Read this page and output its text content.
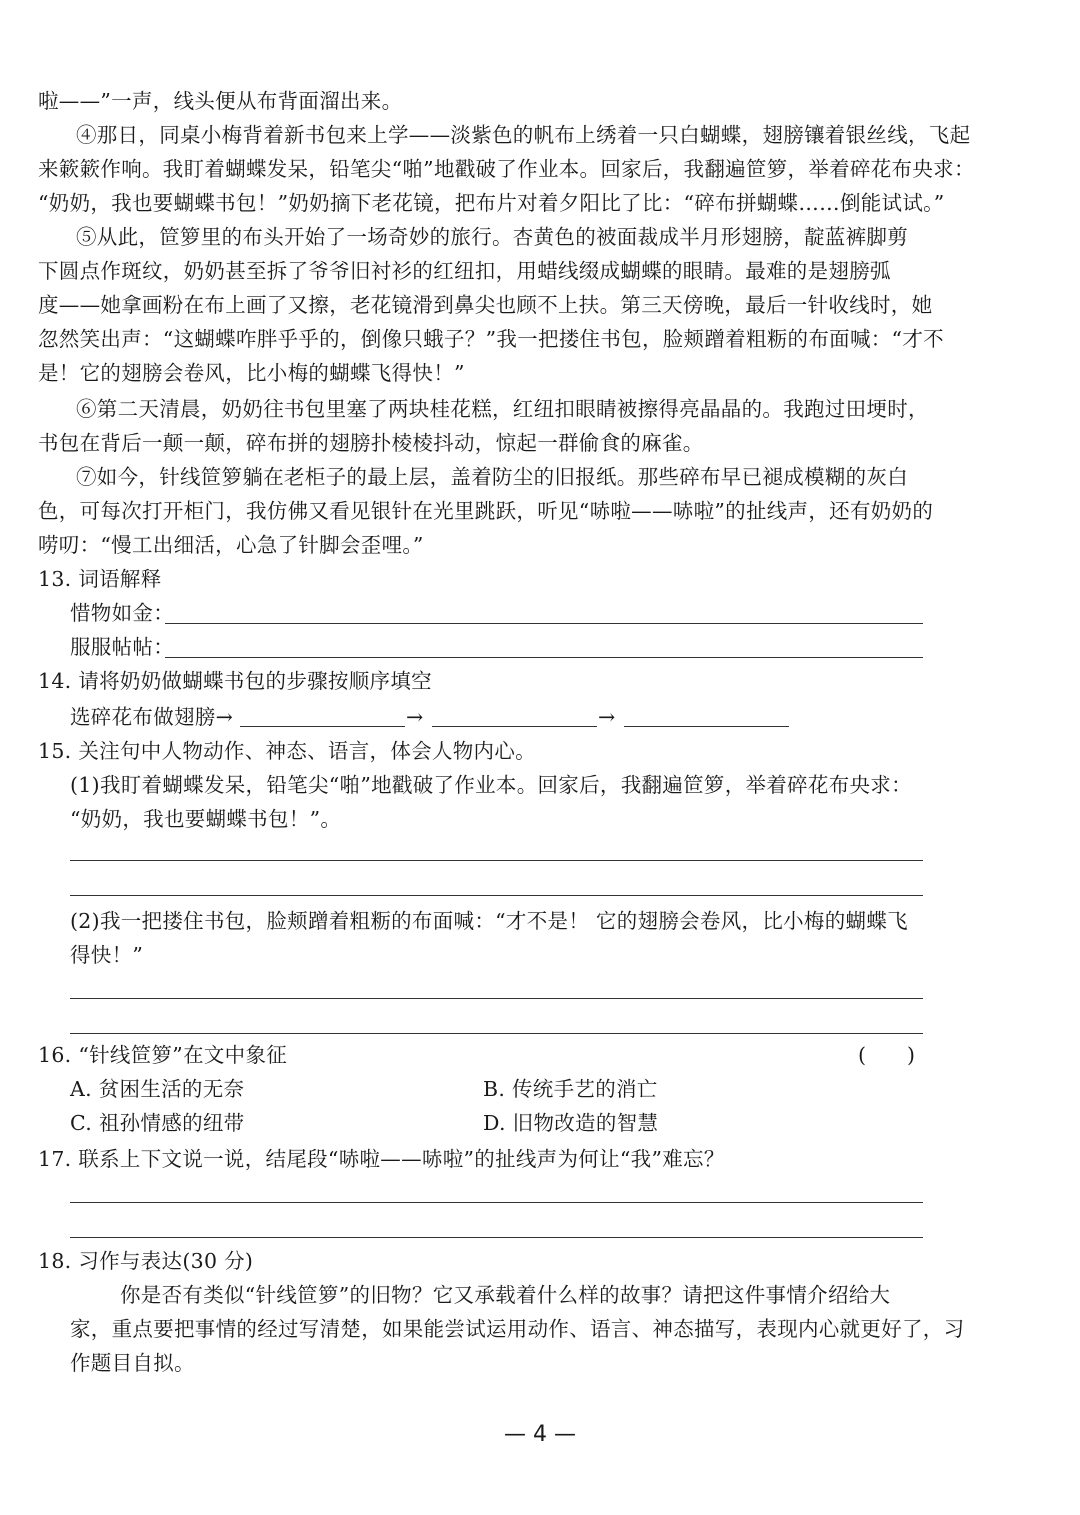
啦——”一声，线头便从布背面溜出来。
④那日，同桌小梅背着新书包来上学——淡紫色的帆布上绣着一只白蝴蝶，翅膀镶着银丝线，飞起
来簌簌作响。我盯着蝴蝶发呆，铅笔尖“啪”地戳破了作业本。回家后，我翻遍笸箩，举着碎花布央求：
“奶奶，我也要蝴蝶书包！”奶奶摘下老花镜，把布片对着夕阳比了比：“碎布拼蝴蝶……倒能试试。”
⑤从此，笸箩里的布头开始了一场奇妙的旅行。杏黄色的被面裁成半月形翅膀，靛蓝裤脚剪
下圆点作斑纹，奶奶甚至拆了爷爷旧衬衫的红纽扣，用蜡线缀成蝴蝶的眼睛。最难的是翅膀弧
度——她拿画粉在布上画了又擦，老花镜滑到鼻尖也顾不上扶。第三天傍晚，最后一针收线时，她
忽然笑出声：“这蝴蝶咋胖乎乎的，倒像只蛾子？”我一把搂住书包，脸颊蹭着粗粝的布面喊：“才不
是！它的翅膀会卷风，比小梅的蝴蝶飞得快！”
⑥第二天清晨，奶奶往书包里塞了两块桂花糕，红纽扣眼睛被擦得亮晶晶的。我跑过田埂时，
书包在背后一颠一颠，碎布拼的翅膀扑棱棱抖动，惊起一群偷食的麻雀。
⑦如今，针线笸箩躺在老柜子的最上层，盖着防尘的旧报纸。那些碎布早已褪成模糊的灰白
色，可每次打开柜门，我仿佛又看见银针在光里跳跃，听见“哧啦——哧啦”的扯线声，还有奶奶的
唠叨：“慢工出细活，心急了针脚会歪哩。”
13. 词语解释
惜物如金：
服服帖帖：
14. 请将奶奶做蝴蝶书包的步骤按顺序填空
选碎花布做翅膀→	→	→
15. 关注句中人物动作、神态、语言，体会人物内心。
(1)我盯着蝴蝶发呆，铅笔尖“啪”地戳破了作业本。回家后，我翻遍笸箩，举着碎花布央求：
“奶奶，我也要蝴蝶书包！”。
(2)我一把搂住书包，脸颊蹭着粗粝的布面喊：“才不是！ 它的翅膀会卷风，比小梅的蝴蝶飞
得快！”
16. “针线笸箩”在文中象征	(　　)
A. 贫困生活的无奈	B. 传统手艺的消亡
C. 祖孙情感的纽带	D. 旧物改造的智慧
17. 联系上下文说一说，结尾段“哧啦——哧啦”的扯线声为何让“我”难忘？
18. 习作与表达(30 分)
你是否有类似“针线笸箩”的旧物？它又承载着什么样的故事？请把这件事情介绍给大
家，重点要把事情的经过写清楚，如果能尝试运用动作、语言、神态描写，表现内心就更好了，习
作题目自拟。
— 4 —
